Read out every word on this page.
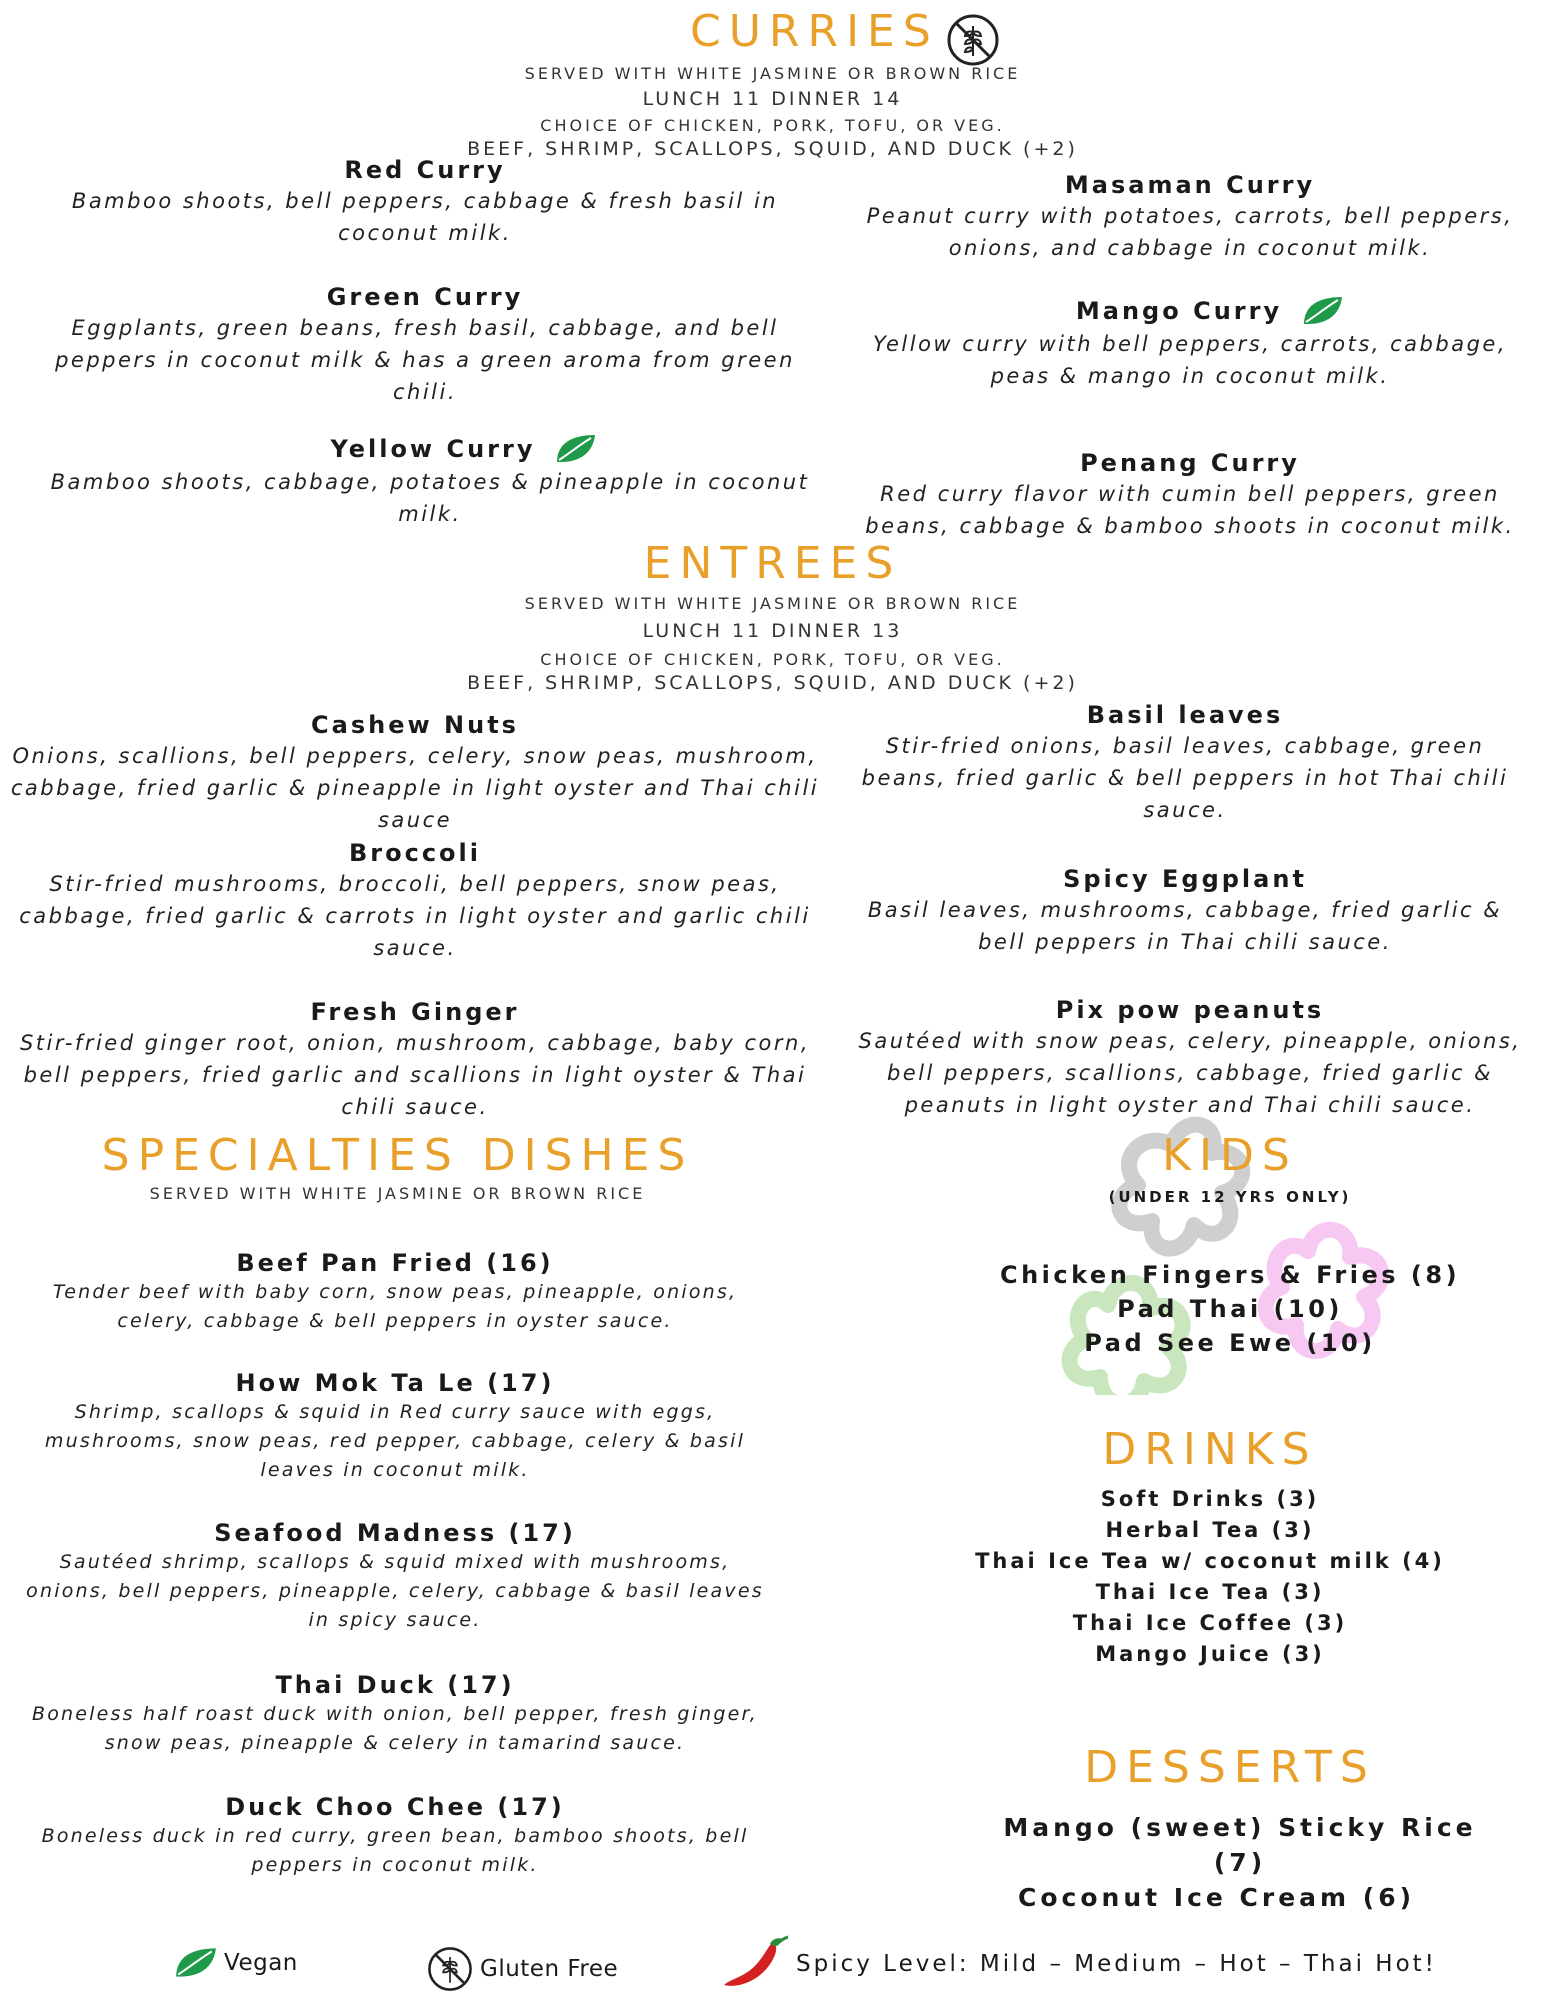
CURRIES
SERVED WITH WHITE JASMINE OR BROWN RICE
LUNCH 11 DINNER 14
CHOICE OF CHICKEN, PORK, TOFU, OR VEG.
BEEF, SHRIMP, SCALLOPS, SQUID, AND DUCK (+2)
Red Curry
Bamboo shoots, bell peppers, cabbage & fresh basil in coconut milk.
Green Curry
Eggplants, green beans, fresh basil, cabbage, and bell peppers in coconut milk & has a green aroma from green chili.
Yellow Curry
Bamboo shoots, cabbage, potatoes & pineapple in coconut milk.
Masaman Curry
Peanut curry with potatoes, carrots, bell peppers, onions, and cabbage in coconut milk.
Mango Curry
Yellow curry with bell peppers, carrots, cabbage, peas & mango in coconut milk.
Penang Curry
Red curry flavor with cumin bell peppers, green beans, cabbage & bamboo shoots in coconut milk.
ENTREES
SERVED WITH WHITE JASMINE OR BROWN RICE
LUNCH 11 DINNER 13
CHOICE OF CHICKEN, PORK, TOFU, OR VEG.
BEEF, SHRIMP, SCALLOPS, SQUID, AND DUCK (+2)
Cashew Nuts
Onions, scallions, bell peppers, celery, snow peas, mushroom, cabbage, fried garlic & pineapple in light oyster and Thai chili sauce
Broccoli
Stir-fried mushrooms, broccoli, bell peppers, snow peas, cabbage, fried garlic & carrots in light oyster and garlic chili sauce.
Fresh Ginger
Stir-fried ginger root, onion, mushroom, cabbage, baby corn, bell peppers, fried garlic and scallions in light oyster & Thai chili sauce.
Basil leaves
Stir-fried onions, basil leaves, cabbage, green beans, fried garlic & bell peppers in hot Thai chili sauce.
Spicy Eggplant
Basil leaves, mushrooms, cabbage, fried garlic & bell peppers in Thai chili sauce.
Pix pow peanuts
Sautéed with snow peas, celery, pineapple, onions, bell peppers, scallions, cabbage, fried garlic & peanuts in light oyster and Thai chili sauce.
SPECIALTIES DISHES
SERVED WITH WHITE JASMINE OR BROWN RICE
Beef Pan Fried (16)
Tender beef with baby corn, snow peas, pineapple, onions, celery, cabbage & bell peppers in oyster sauce.
How Mok Ta Le (17)
Shrimp, scallops & squid in Red curry sauce with eggs, mushrooms, snow peas, red pepper, cabbage, celery & basil leaves in coconut milk.
Seafood Madness (17)
Sautéed shrimp, scallops & squid mixed with mushrooms, onions, bell peppers, pineapple, celery, cabbage & basil leaves in spicy sauce.
Thai Duck (17)
Boneless half roast duck with onion, bell pepper, fresh ginger, snow peas, pineapple & celery in tamarind sauce.
Duck Choo Chee (17)
Boneless duck in red curry, green bean, bamboo shoots, bell peppers in coconut milk.
KIDS
(UNDER 12 YRS ONLY)
Chicken Fingers & Fries (8)
Pad Thai (10)
Pad See Ewe (10)
DRINKS
Soft Drinks (3)
Herbal Tea (3)
Thai Ice Tea w/ coconut milk (4)
Thai Ice Tea (3)
Thai Ice Coffee (3)
Mango Juice (3)
DESSERTS
Mango (sweet) Sticky Rice (7)
Coconut Ice Cream (6)
Vegan	Gluten Free	Spicy Level: Mild – Medium – Hot – Thai Hot!
